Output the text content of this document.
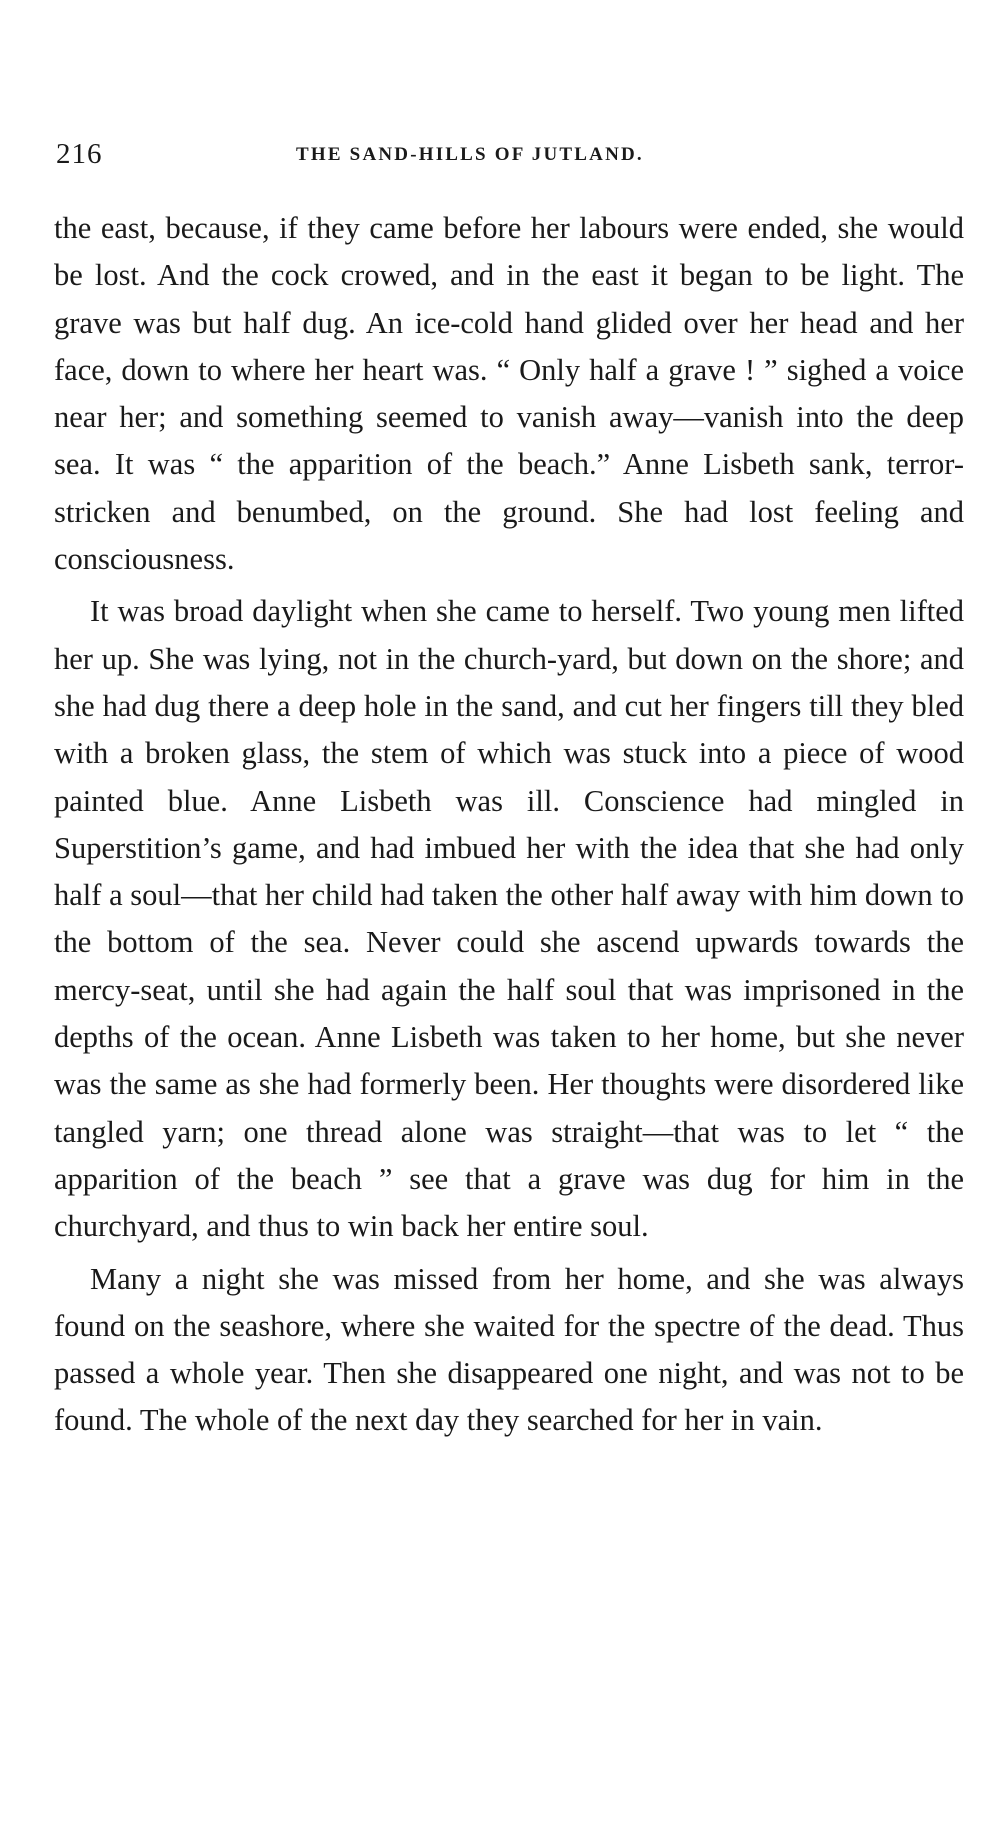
216	THE SAND-HILLS OF JUTLAND.

the east, because, if they came before her labours were ended, she would be lost. And the cock crowed, and in the east it began to be light. The grave was but half dug. An ice-cold hand glided over her head and her face, down to where her heart was. “ Only half a grave ! ” sighed a voice near her; and something seemed to vanish away—vanish into the deep sea. It was “ the apparition of the beach.” Anne Lisbeth sank, terror-stricken and benumbed, on the ground. She had lost feeling and consciousness.

It was broad daylight when she came to herself. Two young men lifted her up. She was lying, not in the church-yard, but down on the shore; and she had dug there a deep hole in the sand, and cut her fingers till they bled with a broken glass, the stem of which was stuck into a piece of wood painted blue. Anne Lisbeth was ill. Conscience had mingled in Superstition’s game, and had imbued her with the idea that she had only half a soul—that her child had taken the other half away with him down to the bottom of the sea. Never could she ascend upwards towards the mercy-seat, until she had again the half soul that was imprisoned in the depths of the ocean. Anne Lisbeth was taken to her home, but she never was the same as she had formerly been. Her thoughts were disordered like tangled yarn; one thread alone was straight—that was to let “ the apparition of the beach ” see that a grave was dug for him in the churchyard, and thus to win back her entire soul.

Many a night she was missed from her home, and she was always found on the seashore, where she waited for the spectre of the dead. Thus passed a whole year. Then she disappeared one night, and was not to be found. The whole of the next day they searched for her in vain.
